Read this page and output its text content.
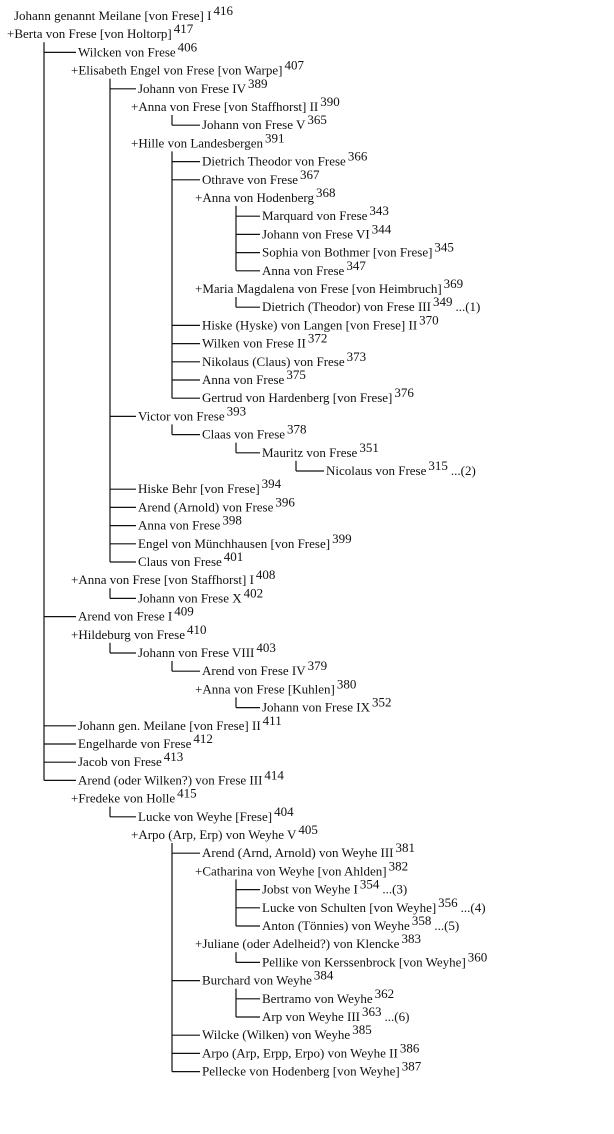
Johann genannt Meilane [von Frese] I 416
+Berta von Frese [von Holtorp] 417
Wilcken von Frese 406
+Elisabeth Engel von Frese [von Warpe] 407
Johann von Frese IV 389
+Anna von Frese [von Staffhorst] II 390
Johann von Frese V 365
+Hille von Landesbergen 391
Dietrich Theodor von Frese 366
Othrave von Frese 367
+Anna von Hodenberg 368
Marquard von Frese 343
Johann von Frese VI 344
Sophia von Bothmer [von Frese] 345
Anna von Frese 347
+Maria Magdalena von Frese [von Heimbruch] 369
Dietrich (Theodor) von Frese III 349 ...(1)
Hiske (Hyske) von Langen [von Frese] II 370
Wilken von Frese II 372
Nikolaus (Claus) von Frese 373
Anna von Frese 375
Gertrud von Hardenberg [von Frese] 376
Victor von Frese 393
Claas von Frese 378
Mauritz von Frese 351
Nicolaus von Frese 315 ...(2)
Hiske Behr [von Frese] 394
Arend (Arnold) von Frese 396
Anna von Frese 398
Engel von Münchhausen [von Frese] 399
Claus von Frese 401
+Anna von Frese [von Staffhorst] I 408
Johann von Frese X 402
Arend von Frese I 409
+Hildeburg von Frese 410
Johann von Frese VIII 403
Arend von Frese IV 379
+Anna von Frese [Kuhlen] 380
Johann von Frese IX 352
Johann gen. Meilane [von Frese] II 411
Engelharde von Frese 412
Jacob von Frese 413
Arend (oder Wilken?) von Frese III 414
+Fredeke von Holle 415
Lucke von Weyhe [Frese] 404
+Arpo (Arp, Erp) von Weyhe V 405
Arend (Arnd, Arnold) von Weyhe III 381
+Catharina von Weyhe [von Ahlden] 382
Jobst von Weyhe I 354 ...(3)
Lucke von Schulten [von Weyhe] 356 ...(4)
Anton (Tönnies) von Weyhe 358 ...(5)
+Juliane (oder Adelheid?) von Klencke 383
Pellike von Kerssenbrock [von Weyhe] 360
Burchard von Weyhe 384
Bertramo von Weyhe 362
Arp von Weyhe III 363 ...(6)
Wilcke (Wilken) von Weyhe 385
Arpo (Arp, Erpp, Erpo) von Weyhe II 386
Pellecke von Hodenberg [von Weyhe] 387
